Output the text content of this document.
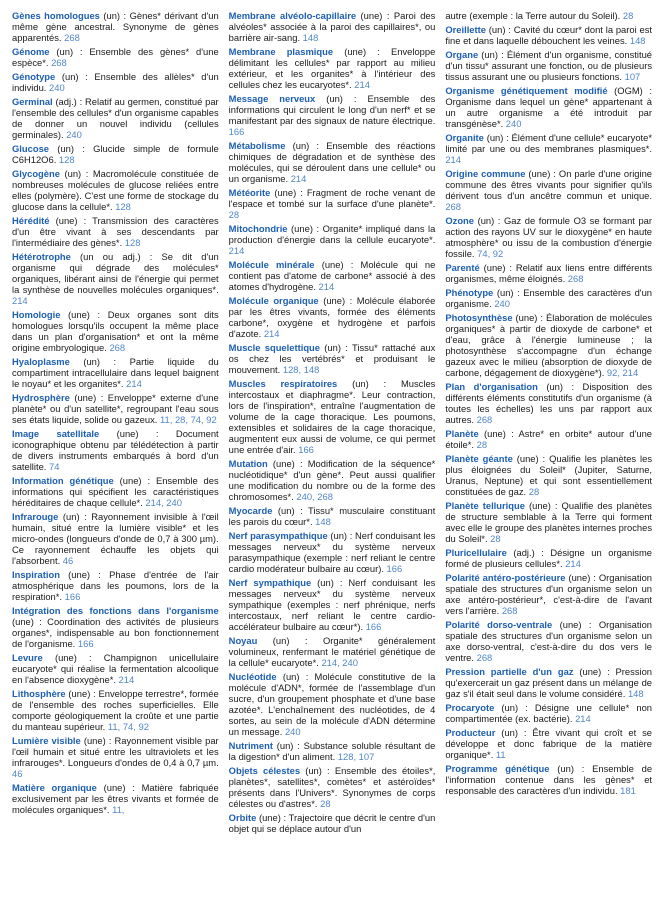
Gènes homologues (un) : Gènes* dérivant d'un même gène ancestral. Synonyme de gènes apparentés. 268

Génome (un) : Ensemble des gènes* d'une espèce*. 268

Génotype (un) : Ensemble des allèles* d'un individu. 240

Germinal (adj.) : Relatif au germen, constitué par l'ensemble des cellules* d'un organisme capables de donner un nouvel individu (cellules germinales). 240

Glucose (un) : Glucide simple de formule C6H12O6. 128

Glycogène (un) : Macromolécule constituée de nombreuses molécules de glucose reliées entre elles (polymère). C'est une forme de stockage du glucose dans la cellule*. 128

Hérédité (une) : Transmission des caractères d'un être vivant à ses descendants par l'intermédiaire des gènes*. 128

Hétérotrophe (un ou adj.) : Se dit d'un organisme qui dégrade des molécules* organiques, libérant ainsi de l'énergie qui permet la synthèse de nouvelles molécules organiques*. 214

Homologie (une) : Deux organes sont dits homologues lorsqu'ils occupent la même place dans un plan d'organisation* et ont la même origine embryologique. 268

Hyaloplasme (un) : Partie liquide du compartiment intracellulaire dans lequel baignent le noyau* et les organites*. 214

Hydrosphère (une) : Enveloppe* externe d'une planète* ou d'un satellite*, regroupant l'eau sous ses états liquide, solide ou gazeux. 11, 28, 74, 92

Image satellitale (une) : Document iconographique obtenu par télédétection à partir de divers instruments embarqués à bord d'un satellite. 74

Information génétique (une) : Ensemble des informations qui spécifient les caractéristiques héréditaires de chaque cellule*. 214, 240

Infrarouge (un) : Rayonnement invisible à l'œil humain, situé entre la lumière visible* et les micro-ondes (longueurs d'onde de 0,7 à 300 µm). Ce rayonnement échauffe les objets qui l'absorbent. 46

Inspiration (une) : Phase d'entrée de l'air atmosphérique dans les poumons, lors de la respiration*. 166

Intégration des fonctions dans l'organisme (une) : Coordination des activités de plusieurs organes*, indispensable au bon fonctionnement de l'organisme. 166

Levure (une) : Champignon unicellulaire eucaryote* qui réalise la fermentation alcoolique en l'absence dioxygène*. 214

Lithosphère (une) : Enveloppe terrestre*, formée de l'ensemble des roches superficielles. Elle comporte géologiquement la croûte et une partie du manteau supérieur. 11, 74, 92

Lumière visible (une) : Rayonnement visible par l'œil humain et situé entre les ultraviolets et les infrarouges*. Longueurs d'ondes de 0,4 à 0,7 µm. 46

Matière organique (une) : Matière fabriquée exclusivement par les êtres vivants et formée de molécules organiques*. 11,

Membrane alvéolo-capillaire (une) : Paroi des alvéoles* associée à la paroi des capillaires*, ou barrière air-sang. 148

Membrane plasmique (une) : Enveloppe délimitant les cellules* par rapport au milieu extérieur, et les organites* à l'intérieur des cellules chez les eucaryotes*. 214

Message nerveux (un) : Ensemble des informations qui circulent le long d'un nerf* et se manifestant par des signaux de nature électrique. 166

Métabolisme (un) : Ensemble des réactions chimiques de dégradation et de synthèse des molécules, qui se déroulent dans une cellule* ou un organisme. 214

Météorite (une) : Fragment de roche venant de l'espace et tombé sur la surface d'une planète*. 28

Mitochondrie (une) : Organite* impliqué dans la production d'énergie dans la cellule eucaryote*. 214

Molécule minérale (une) : Molécule qui ne contient pas d'atome de carbone* associé à des atomes d'hydrogène. 214

Molécule organique (une) : Molécule élaborée par les êtres vivants, formée des éléments carbone*, oxygène et hydrogène et parfois d'azote. 214

Muscle squelettique (un) : Tissu* rattaché aux os chez les vertébrés* et produisant le mouvement. 128, 148

Muscles respiratoires (un) : Muscles intercostaux et diaphragme*. Leur contraction, lors de l'inspiration*, entraîne l'augmentation de volume de la cage thoracique. Les poumons, extensibles et solidaires de la cage thoracique, augmentent eux aussi de volume, ce qui permet une entrée d'air. 166

Mutation (une) : Modification de la séquence* nucléotidique* d'un gène*. Peut aussi qualifier une modification du nombre ou de la forme des chromosomes*. 240, 268

Myocarde (un) : Tissu* musculaire constituant les parois du cœur*. 148

Nerf parasympathique (un) : Nerf conduisant les messages nerveux* du système nerveux parasympathique (exemple : nerf reliant le centre cardio modérateur bulbaire au cœur). 166

Nerf sympathique (un) : Nerf conduisant les messages nerveux* du système nerveux sympathique (exemples : nerf phrénique, nerfs intercostaux, nerf reliant le centre cardio-accélérateur bulbaire au cœur*). 166

Noyau (un) : Organite* généralement volumineux, renfermant le matériel génétique de la cellule* eucaryote*. 214, 240

Nucléotide (un) : Molécule constitutive de la molécule d'ADN*, formée de l'assemblage d'un sucre, d'un groupement phosphate et d'une base azotée*. L'enchaînement des nucléotides, de 4 sortes, au sein de la molécule d'ADN détermine un message. 240

Nutriment (un) : Substance soluble résultant de la digestion* d'un aliment. 128, 107

Objets célestes (un) : Ensemble des étoiles*, planètes*, satellites*, comètes* et astéroïdes* présents dans l'Univers*. Synonymes de corps célestes ou d'astres*. 28

Orbite (une) : Trajectoire que décrit le centre d'un objet qui se déplace autour d'un

autre (exemple : la Terre autour du Soleil). 28

Oreillette (un) : Cavité du cœur* dont la paroi est fine et dans laquelle débouchent les veines. 148

Organe (un) : Élément d'un organisme, constitué d'un tissu* assurant une fonction, ou de plusieurs tissus assurant une ou plusieurs fonctions. 107

Organisme génétiquement modifié (OGM) : Organisme dans lequel un gène* appartenant à un autre organisme a été introduit par transgénèse*. 240

Organite (un) : Élément d'une cellule* eucaryote* limité par une ou des membranes plasmiques*. 214

Origine commune (une) : On parle d'une origine commune des êtres vivants pour signifier qu'ils dérivent tous d'un ancêtre commun et unique. 268

Ozone (un) : Gaz de formule O3 se formant par action des rayons UV sur le dioxygène* en haute atmosphère* ou issu de la combustion d'énergie fossile. 74, 92

Parenté (une) : Relatif aux liens entre différents organismes, même éloignés. 268

Phénotype (un) : Ensemble des caractères d'un organisme. 240

Photosynthèse (une) : Élaboration de molécules organiques* à partir de dioxyde de carbone* et d'eau, grâce à l'énergie lumineuse ; la photosynthèse s'accompagne d'un échange gazeux avec le milieu (absorption de dioxyde de carbone, dégagement de dioxygène*). 92, 214

Plan d'organisation (un) : Disposition des différents éléments constitutifs d'un organisme (à toutes les échelles) les uns par rapport aux autres. 268

Planète (une) : Astre* en orbite* autour d'une étoile*. 28

Planète géante (une) : Qualifie les planètes les plus éloignées du Soleil* (Jupiter, Saturne, Uranus, Neptune) et qui sont essentiellement constituées de gaz. 28

Planète tellurique (une) : Qualifie des planètes de structure semblable à la Terre qui forment avec elle le groupe des planètes internes proches du Soleil*. 28

Pluricellulaire (adj.) : Désigne un organisme formé de plusieurs cellules*. 214

Polarité antéro-postérieure (une) : Organisation spatiale des structures d'un organisme selon un axe antéro-postérieur*, c'est-à-dire de l'avant vers l'arrière. 268

Polarité dorso-ventrale (une) : Organisation spatiale des structures d'un organisme selon un axe dorso-ventral, c'est-à-dire du dos vers le ventre. 268

Pression partielle d'un gaz (une) : Pression qu'exercerait un gaz présent dans un mélange de gaz s'il était seul dans le volume considéré. 148

Procaryote (un) : Désigne une cellule* non compartimentée (ex. bactérie). 214

Producteur (un) : Être vivant qui croît et se développe et donc fabrique de la matière organique*. 11

Programme génétique (un) : Ensemble de l'information contenue dans les gènes* et responsable des caractères d'un individu. 181
